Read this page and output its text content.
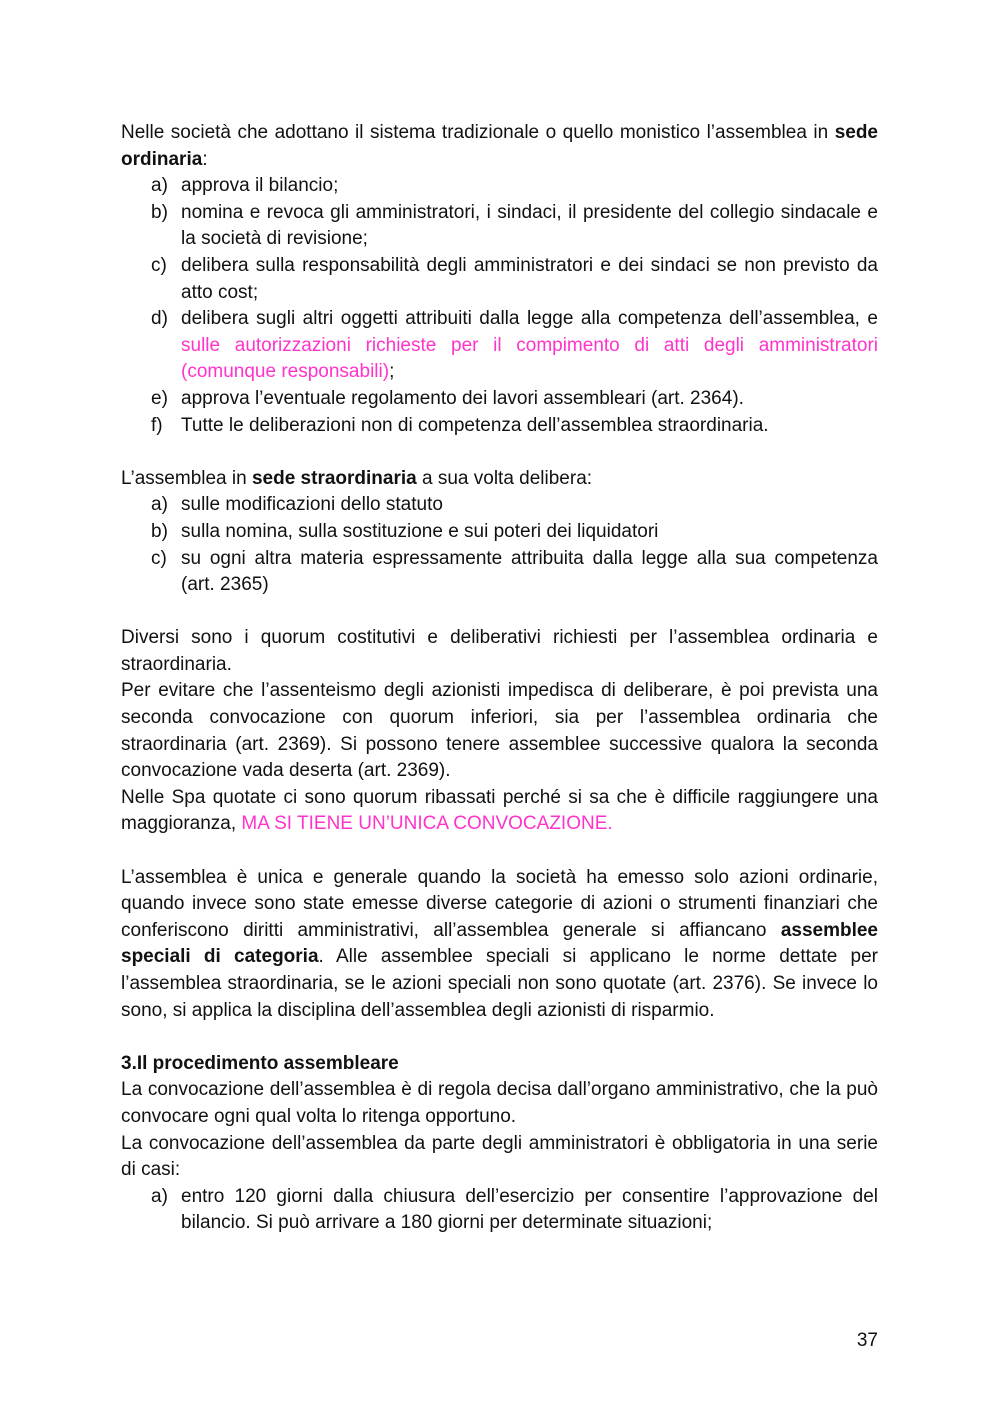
Nelle società che adottano il sistema tradizionale o quello monistico l’assemblea in sede ordinaria:

a) approva il bilancio;
b) nomina e revoca gli amministratori, i sindaci, il presidente del collegio sindacale e la società di revisione;
c) delibera sulla responsabilità degli amministratori e dei sindaci se non previsto da atto cost;
d) delibera sugli altri oggetti attribuiti dalla legge alla competenza dell’assemblea, e sulle autorizzazioni richieste per il compimento di atti degli amministratori (comunque responsabili);
e) approva l’eventuale regolamento dei lavori assembleari (art. 2364).
f) Tutte le deliberazioni non di competenza dell’assemblea straordinaria.

L’assemblea in sede straordinaria a sua volta delibera:

a) sulle modificazioni dello statuto
b) sulla nomina, sulla sostituzione e sui poteri dei liquidatori
c) su ogni altra materia espressamente attribuita dalla legge alla sua competenza (art. 2365)

Diversi sono i quorum costitutivi e deliberativi richiesti per l’assemblea ordinaria e straordinaria.

Per evitare che l’assenteismo degli azionisti impedisca di deliberare, è poi prevista una seconda convocazione con quorum inferiori, sia per l’assemblea ordinaria che straordinaria (art. 2369). Si possono tenere assemblee successive qualora la seconda convocazione vada deserta (art. 2369).

Nelle Spa quotate ci sono quorum ribassati perché si sa che è difficile raggiungere una maggioranza, MA SI TIENE UN’UNICA CONVOCAZIONE.

L’assemblea è unica e generale quando la società ha emesso solo azioni ordinarie, quando invece sono state emesse diverse categorie di azioni o strumenti finanziari che conferiscono diritti amministrativi, all’assemblea generale si affiancano assemblee speciali di categoria. Alle assemblee speciali si applicano le norme dettate per l’assemblea straordinaria, se le azioni speciali non sono quotate (art. 2376). Se invece lo sono, si applica la disciplina dell’assemblea degli azionisti di risparmio.

3.Il procedimento assembleare

La convocazione dell’assemblea è di regola decisa dall’organo amministrativo, che la può convocare ogni qual volta lo ritenga opportuno.

La convocazione dell’assemblea da parte degli amministratori è obbligatoria in una serie di casi:

a) entro 120 giorni dalla chiusura dell’esercizio per consentire l’approvazione del bilancio. Si può arrivare a 180 giorni per determinate situazioni;
37
